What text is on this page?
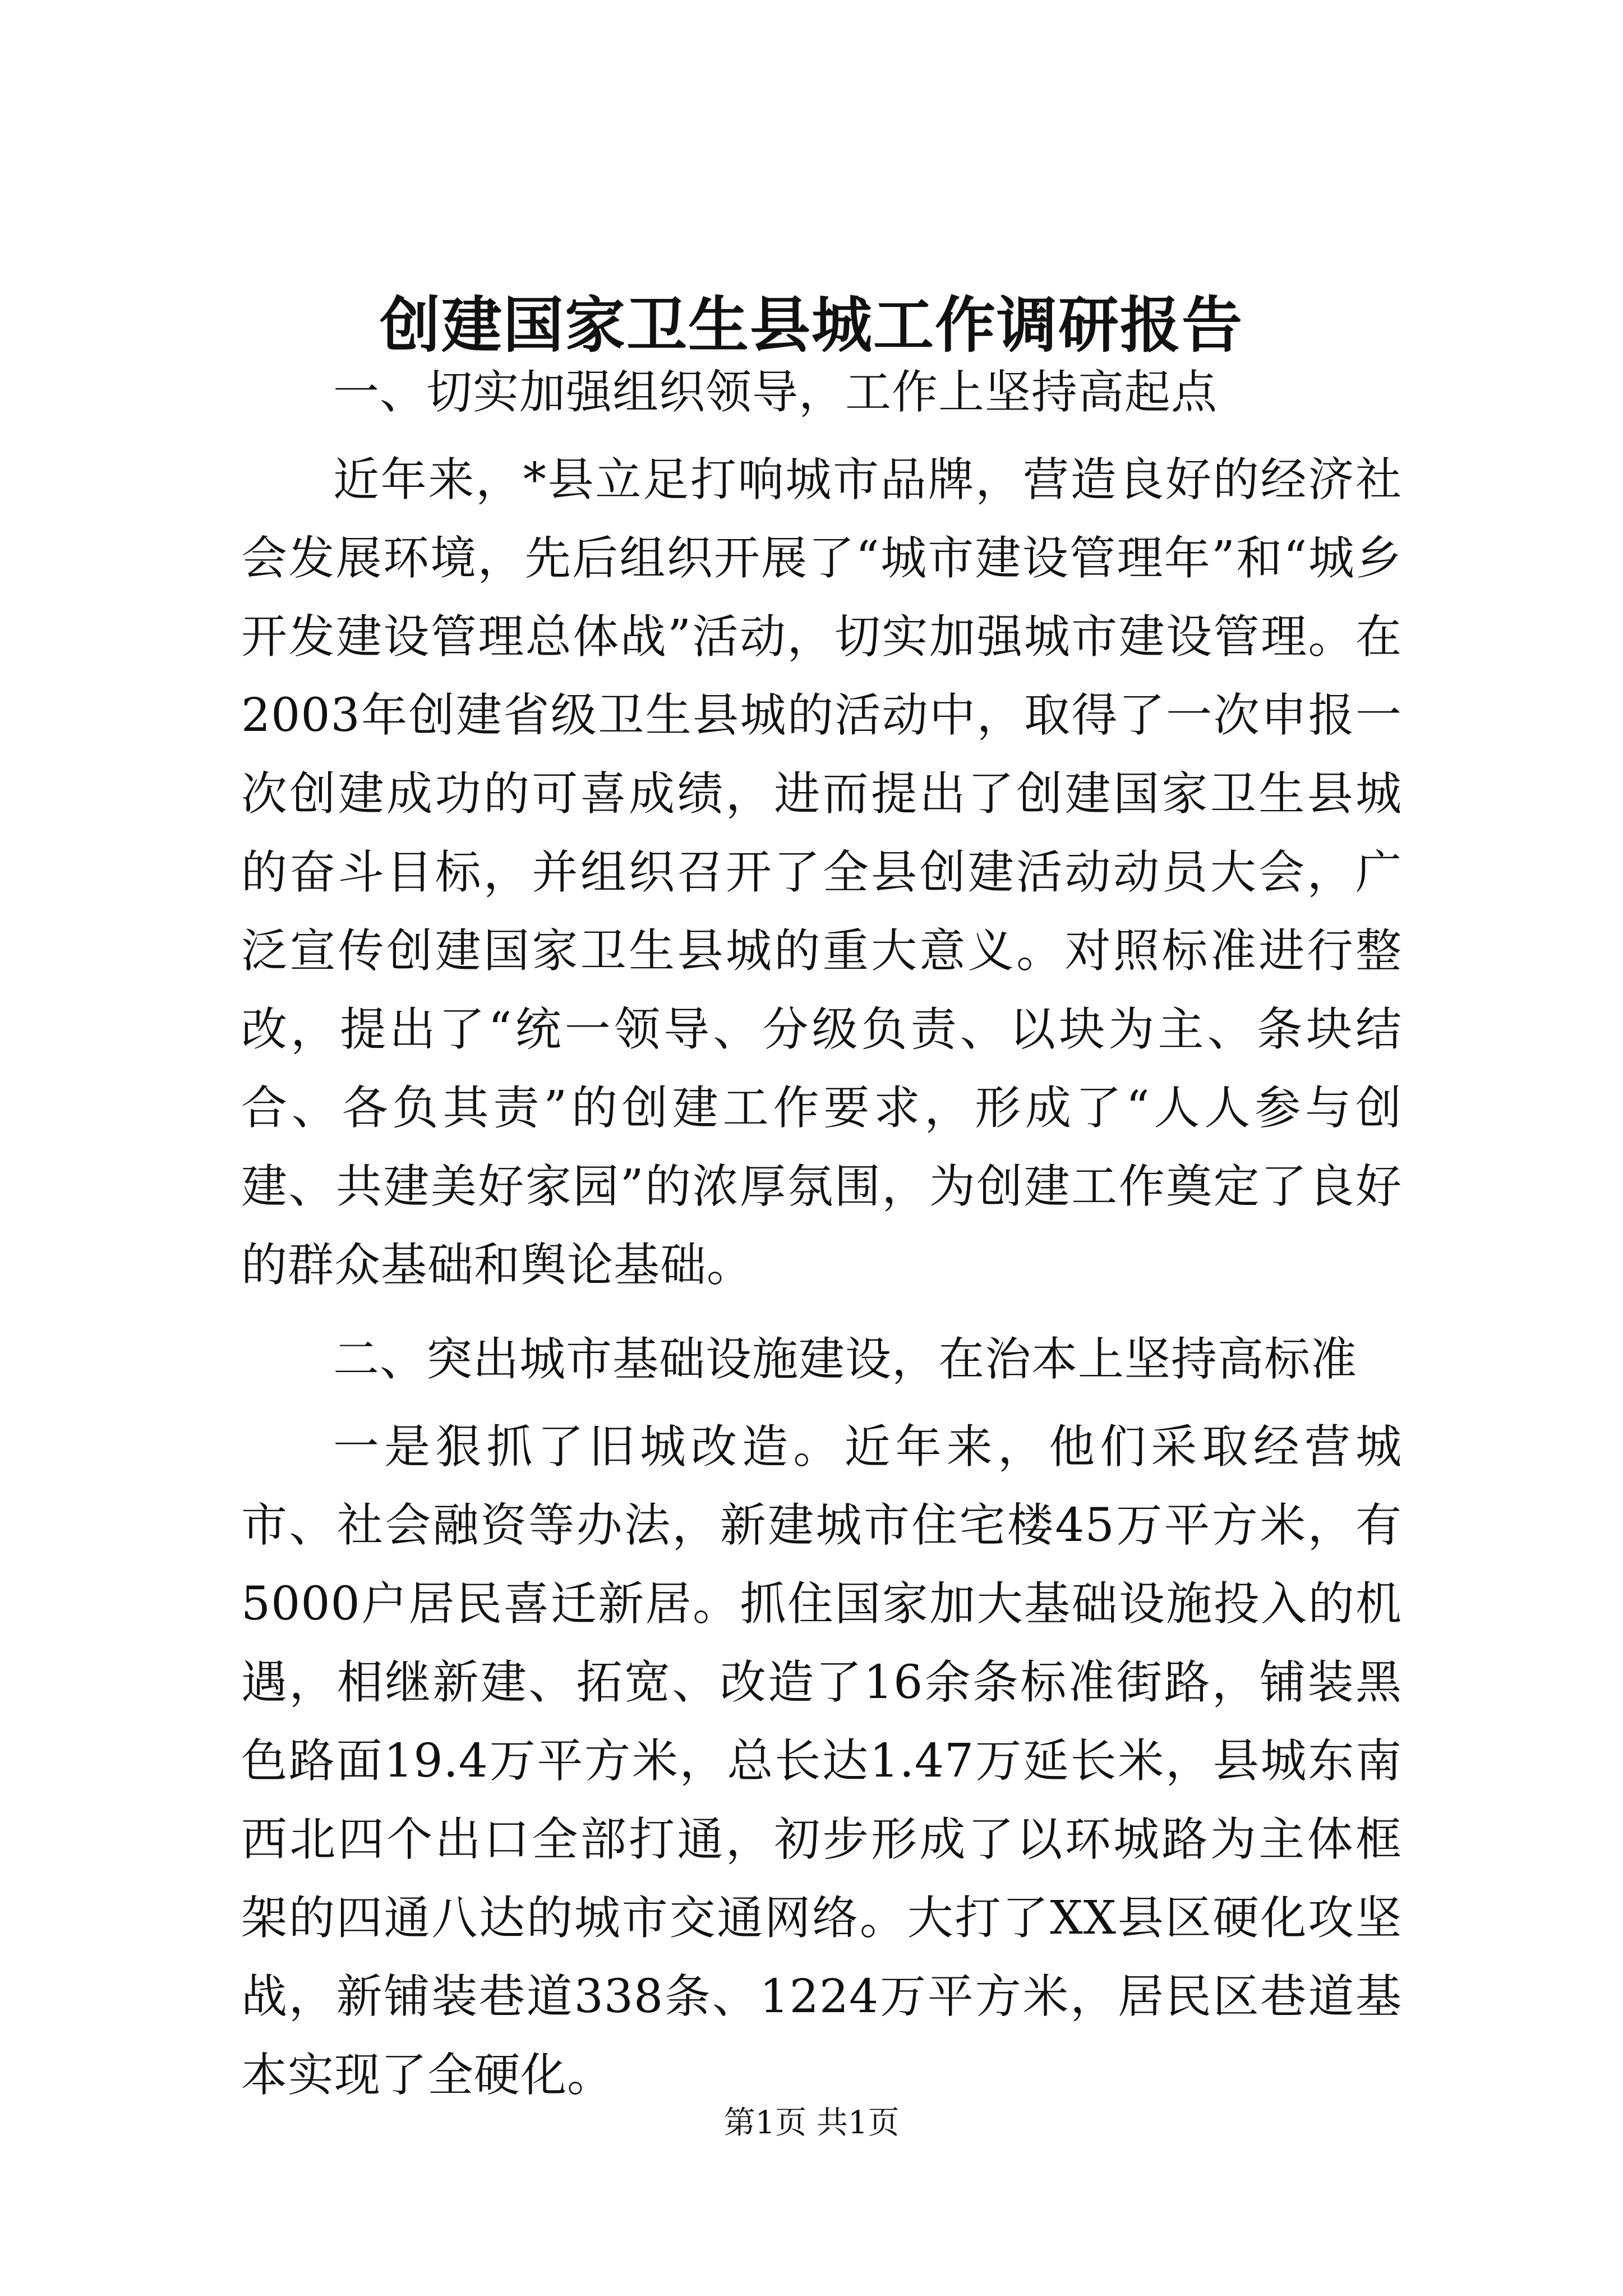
创建国家卫生县城工作调研报告

一、切实加强组织领导，工作上坚持高起点

近年来，*县立足打响城市品牌，营造良好的经济社会发展环境，先后组织开展了“城市建设管理年”和“城乡开发建设管理总体战”活动，切实加强城市建设管理。在2003年创建省级卫生县城的活动中，取得了一次申报一次创建成功的可喜成绩，进而提出了创建国家卫生县城的奋斗目标，并组织召开了全县创建活动动员大会，广泛宣传创建国家卫生县城的重大意义。对照标准进行整改，提出了“统一领导、分级负责、以块为主、条块结合、各负其责”的创建工作要求，形成了“人人参与创建、共建美好家园”的浓厚氛围，为创建工作奠定了良好的群众基础和舆论基础。

二、突出城市基础设施建设，在治本上坚持高标准

一是狠抓了旧城改造。近年来，他们采取经营城市、社会融资等办法，新建城市住宅楼45万平方米，有5000户居民喜迁新居。抓住国家加大基础设施投入的机遇，相继新建、拓宽、改造了16余条标准街路，铺装黑色路面19.4万平方米，总长达1.47万延长米，县城东南西北四个出口全部打通，初步形成了以环城路为主体框架的四通八达的城市交通网络。大打了XX县区硬化攻坚战，新铺装巷道338条、1224万平方米，居民区巷道基本实现了全硬化。

第1页 共1页
